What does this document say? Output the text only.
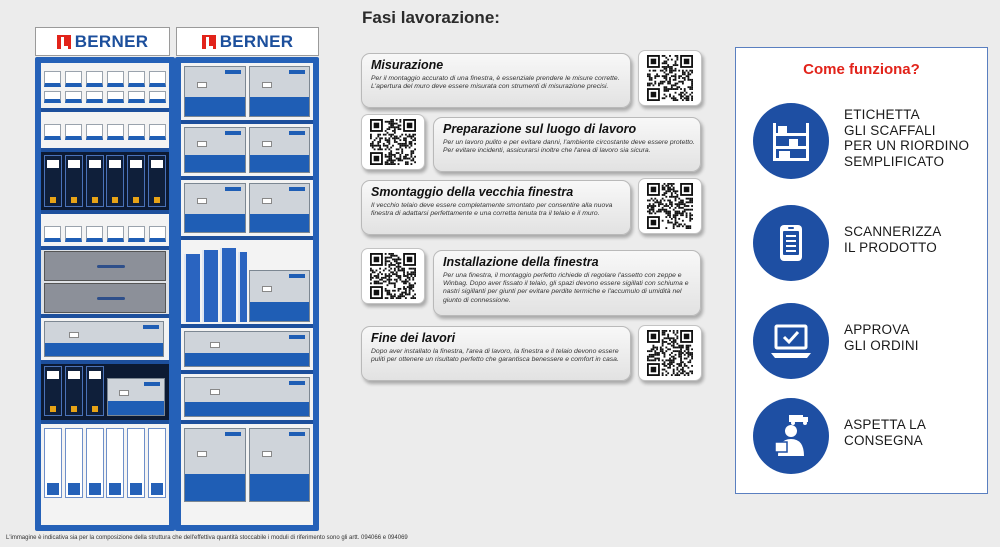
BERNER	BERNER
L'immagine è indicativa sia per la composizione della struttura che dell'effettiva quantità stoccabile i moduli di riferimento sono gli artt. 094066 e 094069
Fasi lavorazione:
Misurazione
Per il montaggio accurato di una finestra, è essenziale prendere le misure corrette. L'apertura del muro deve essere misurata con strumenti di misurazione precisi.
Preparazione sul luogo di lavoro
Per un lavoro pulito e per evitare danni, l'ambiente circostante deve essere protetto. Per evitare incidenti, assicurarsi inoltre che l'area di lavoro sia sicura.
Smontaggio della vecchia finestra
Il vecchio telaio deve essere completamente smontato per consentire alla nuova finestra di adattarsi perfettamente e una corretta tenuta tra il telaio e il muro.
Installazione della finestra
Per una finestra, il montaggio perfetto richiede di regolare l'assetto con zeppe e Winbag. Dopo aver fissato il telaio, gli spazi devono essere sigillati con schiuma e nastri sigillanti per giunti per evitare perdite termiche e l'accumulo di umidità nel giunto di connessione.
Fine dei lavori
Dopo aver installato la finestra, l'area di lavoro, la finestra e il telaio devono essere puliti per ottenere un risultato perfetto che garantisca benessere e comfort in casa.
Come funziona?
ETICHETTA
GLI SCAFFALI
PER UN RIORDINO
SEMPLIFICATO
SCANNERIZZA
IL PRODOTTO
APPROVA
GLI ORDINI
ASPETTA LA
CONSEGNA
